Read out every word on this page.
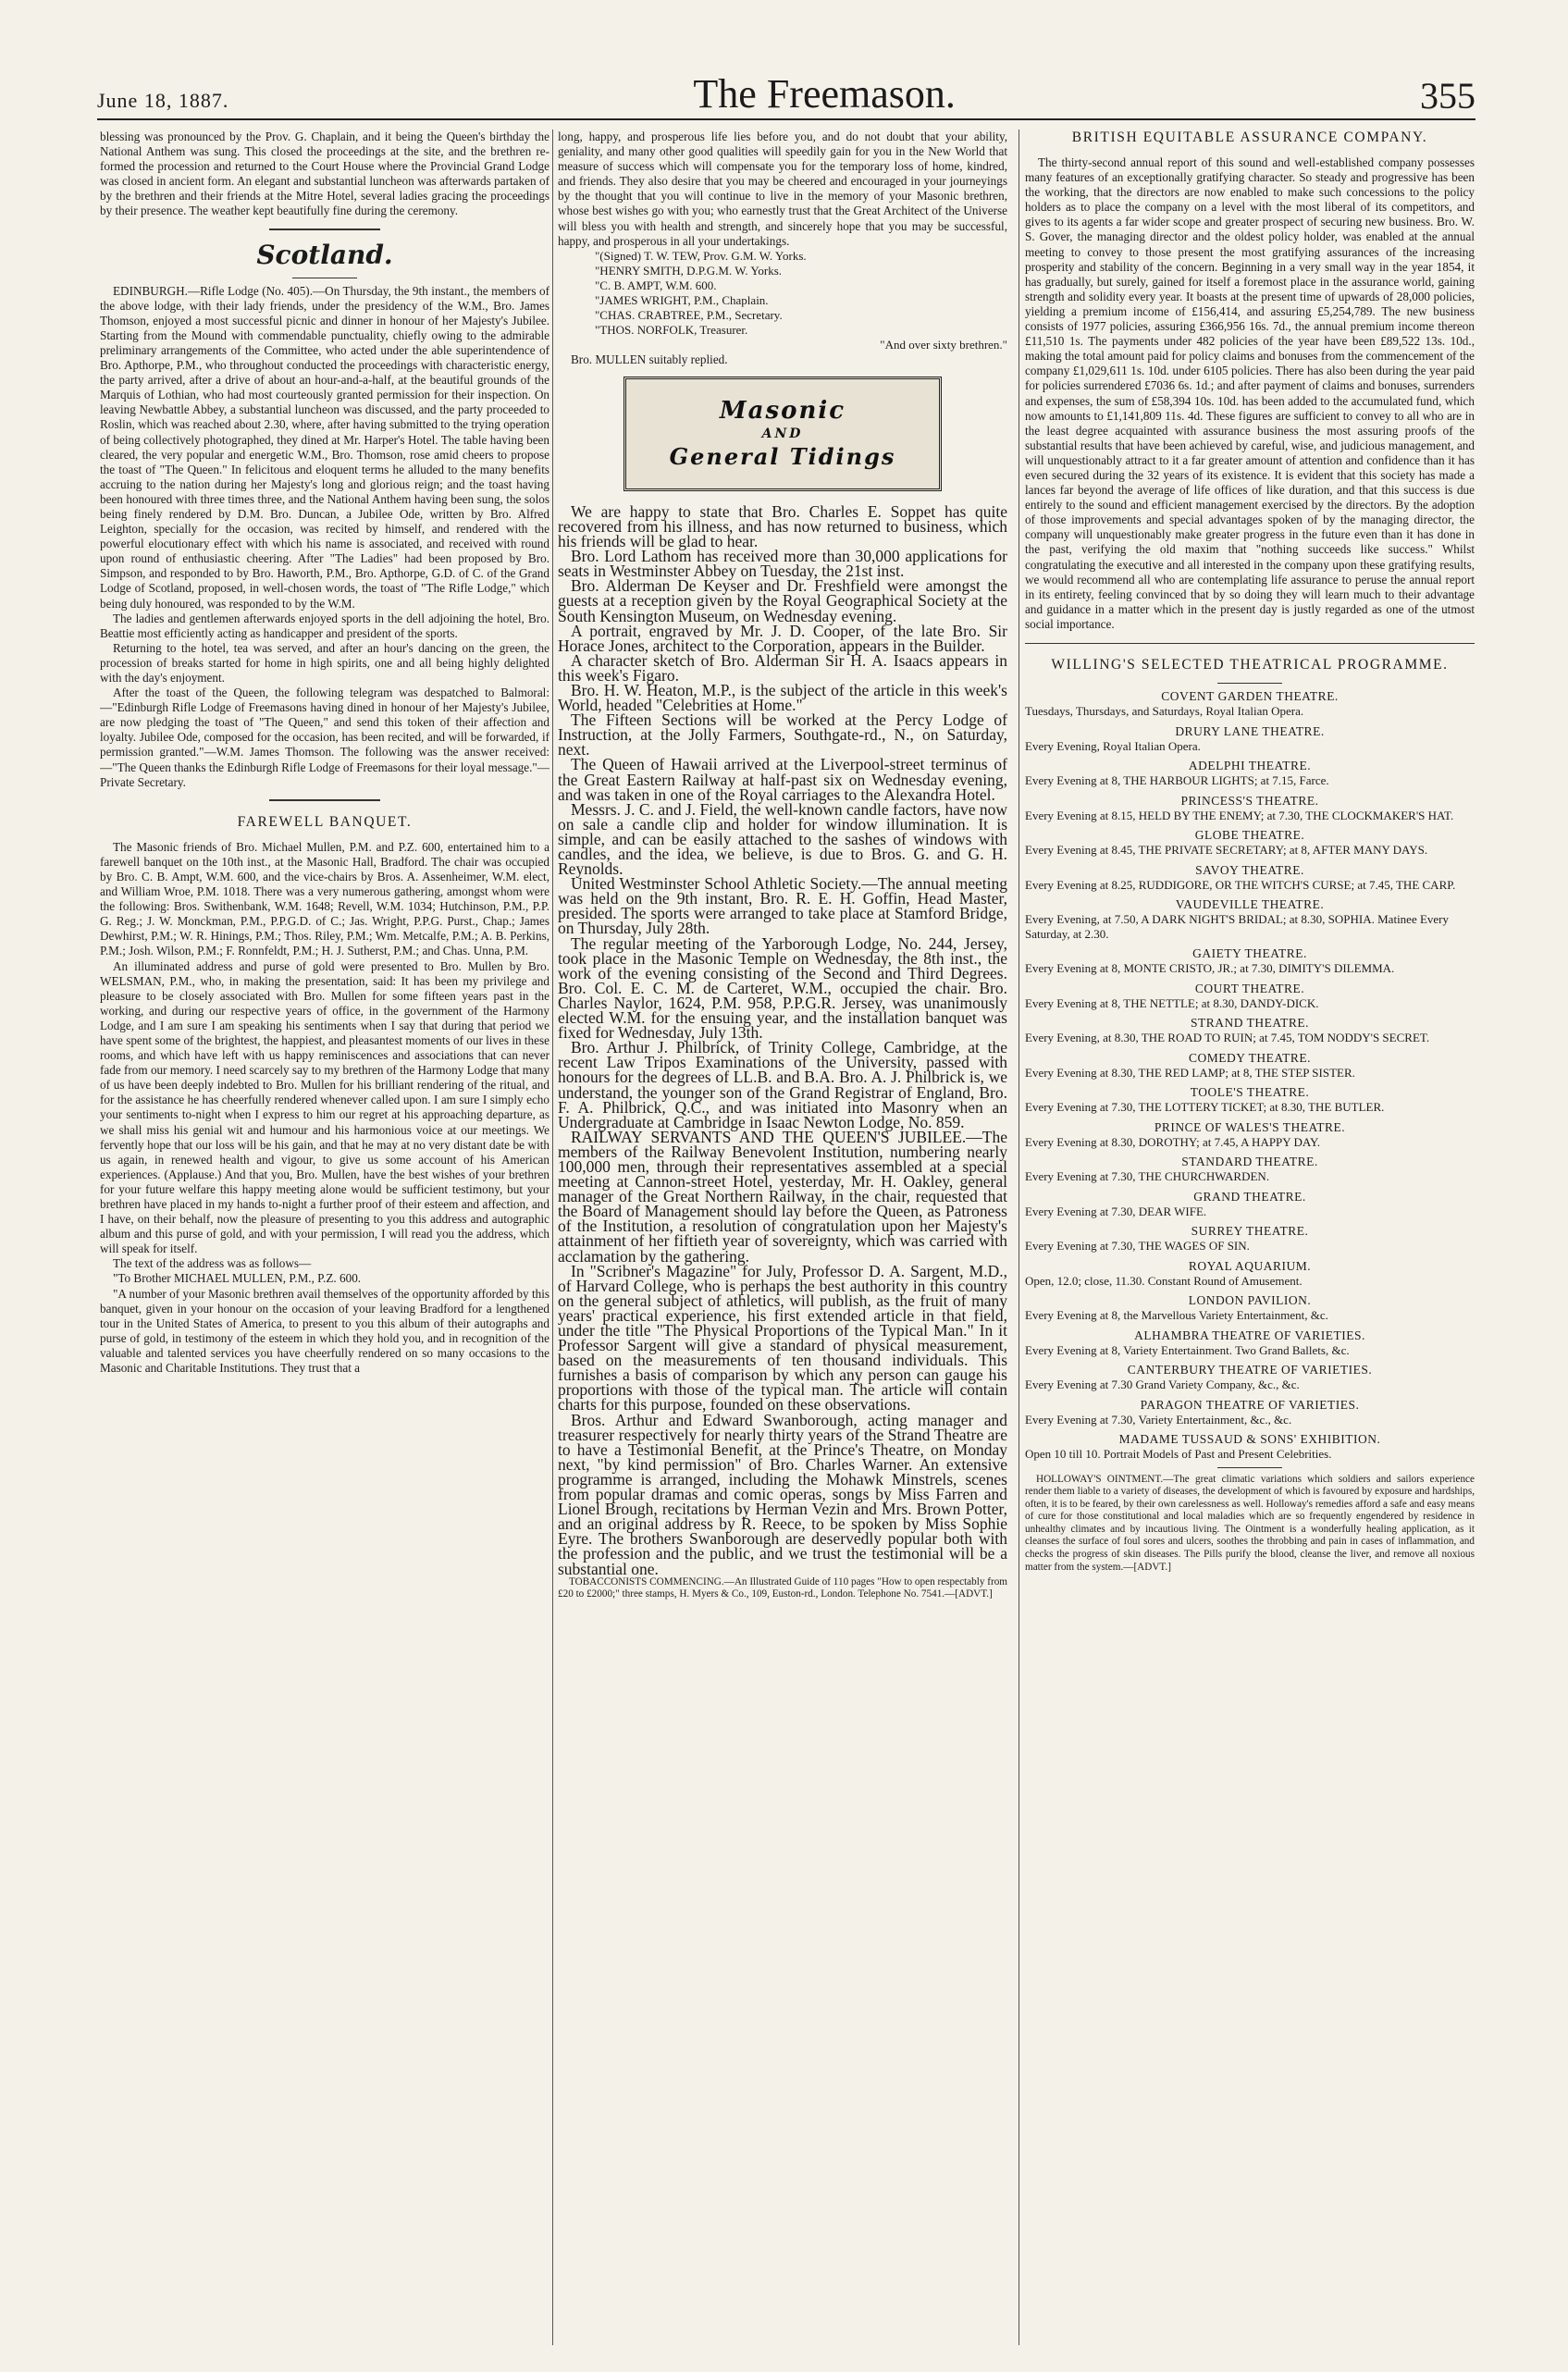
June 18, 1887.	The Freemason.	355

blessing was pronounced by the Prov. G. Chaplain, and it being the Queen's birthday the National Anthem was sung. This closed the proceedings at the site, and the brethren re-formed the procession and returned to the Court House where the Provincial Grand Lodge was closed in ancient form. An elegant and substantial luncheon was afterwards partaken of by the brethren and their friends at the Mitre Hotel, several ladies gracing the proceedings by their presence. The weather kept beautifully fine during the ceremony.

Scotland.

EDINBURGH.—Rifle Lodge (No. 405).—On Thursday, the 9th instant., the members of the above lodge, with their lady friends, under the presidency of the W.M., Bro. James Thomson, enjoyed a most successful picnic and dinner in honour of her Majesty's Jubilee. Starting from the Mound with commendable punctuality, chiefly owing to the admirable preliminary arrangements of the Committee, who acted under the able superintendence of Bro. Apthorpe, P.M., who throughout conducted the proceedings with characteristic energy, the party arrived, after a drive of about an hour-and-a-half, at the beautiful grounds of the Marquis of Lothian, who had most courteously granted permission for their inspection. On leaving Newbattle Abbey, a substantial luncheon was discussed, and the party proceeded to Roslin, which was reached about 2.30, where, after having submitted to the trying operation of being collectively photographed, they dined at Mr. Harper's Hotel. The table having been cleared, the very popular and energetic W.M., Bro. Thomson, rose amid cheers to propose the toast of "The Queen." In felicitous and eloquent terms he alluded to the many benefits accruing to the nation during her Majesty's long and glorious reign; and the toast having been honoured with three times three, and the National Anthem having been sung, the solos being finely rendered by D.M. Bro. Duncan, a Jubilee Ode, written by Bro. Alfred Leighton, specially for the occasion, was recited by himself, and rendered with the powerful elocutionary effect with which his name is associated, and received with round upon round of enthusiastic cheering. After "The Ladies" had been proposed by Bro. Simpson, and responded to by Bro. Haworth, P.M., Bro. Apthorpe, G.D. of C. of the Grand Lodge of Scotland, proposed, in well-chosen words, the toast of "The Rifle Lodge," which being duly honoured, was responded to by the W.M.

The ladies and gentlemen afterwards enjoyed sports in the dell adjoining the hotel, Bro. Beattie most efficiently acting as handicapper and president of the sports.

Returning to the hotel, tea was served, and after an hour's dancing on the green, the procession of breaks started for home in high spirits, one and all being highly delighted with the day's enjoyment.

After the toast of the Queen, the following telegram was despatched to Balmoral:—"Edinburgh Rifle Lodge of Freemasons having dined in honour of her Majesty's Jubilee, are now pledging the toast of "The Queen," and send this token of their affection and loyalty. Jubilee Ode, composed for the occasion, has been recited, and will be forwarded, if permission granted."—W.M. James Thomson. The following was the answer received:—"The Queen thanks the Edinburgh Rifle Lodge of Freemasons for their loyal message."—Private Secretary.

FAREWELL BANQUET.

The Masonic friends of Bro. Michael Mullen, P.M. and P.Z. 600, entertained him to a farewell banquet on the 10th inst., at the Masonic Hall, Bradford. The chair was occupied by Bro. C. B. Ampt, W.M. 600, and the vice-chairs by Bros. A. Assenheimer, W.M. elect, and William Wroe, P.M. 1018. There was a very numerous gathering, amongst whom were the following: Bros. Swithenbank, W.M. 1648; Revell, W.M. 1034; Hutchinson, P.M., P.P. G. Reg.; J. W. Monckman, P.M., P.P.G.D. of C.; Jas. Wright, P.P.G. Purst., Chap.; James Dewhirst, P.M.; W. R. Hinings, P.M.; Thos. Riley, P.M.; Wm. Metcalfe, P.M.; A. B. Perkins, P.M.; Josh. Wilson, P.M.; F. Ronnfeldt, P.M.; H. J. Sutherst, P.M.; and Chas. Unna, P.M.

An illuminated address and purse of gold were presented to Bro. Mullen by Bro. WELSMAN, P.M., who, in making the presentation, said: It has been my privilege and pleasure to be closely associated with Bro. Mullen for some fifteen years past in the working, and during our respective years of office, in the government of the Harmony Lodge, and I am sure I am speaking his sentiments when I say that during that period we have spent some of the brightest, the happiest, and pleasantest moments of our lives in these rooms, and which have left with us happy reminiscences and associations that can never fade from our memory. I need scarcely say to my brethren of the Harmony Lodge that many of us have been deeply indebted to Bro. Mullen for his brilliant rendering of the ritual, and for the assistance he has cheerfully rendered whenever called upon. I am sure I simply echo your sentiments to-night when I express to him our regret at his approaching departure, as we shall miss his genial wit and humour and his harmonious voice at our meetings. We fervently hope that our loss will be his gain, and that he may at no very distant date be with us again, in renewed health and vigour, to give us some account of his American experiences. (Applause.) And that you, Bro. Mullen, have the best wishes of your brethren for your future welfare this happy meeting alone would be sufficient testimony, but your brethren have placed in my hands to-night a further proof of their esteem and affection, and I have, on their behalf, now the pleasure of presenting to you this address and autographic album and this purse of gold, and with your permission, I will read you the address, which will speak for itself.

The text of the address was as follows—

"To Brother MICHAEL MULLEN, P.M., P.Z. 600.

"A number of your Masonic brethren avail themselves of the opportunity afforded by this banquet, given in your honour on the occasion of your leaving Bradford for a lengthened tour in the United States of America, to present to you this album of their autographs and purse of gold, in testimony of the esteem in which they hold you, and in recognition of the valuable and talented services you have cheerfully rendered on so many occasions to the Masonic and Charitable Institutions. They trust that a

long, happy, and prosperous life lies before you, and do not doubt that your ability, geniality, and many other good qualities will speedily gain for you in the New World that measure of success which will compensate you for the temporary loss of home, kindred, and friends. They also desire that you may be cheered and encouraged in your journeyings by the thought that you will continue to live in the memory of your Masonic brethren, whose best wishes go with you; who earnestly trust that the Great Architect of the Universe will bless you with health and strength, and sincerely hope that you may be successful, happy, and prosperous in all your undertakings.

"(Signed) T. W. TEW, Prov. G.M. W. Yorks.
"HENRY SMITH, D.P.G.M. W. Yorks.
"C. B. AMPT, W.M. 600.
"JAMES WRIGHT, P.M., Chaplain.
"CHAS. CRABTREE, P.M., Secretary.
"THOS. NORFOLK, Treasurer.
"And over sixty brethren."

Bro. MULLEN suitably replied.

Masonic
AND
General Tidings

We are happy to state that Bro. Charles E. Soppet has quite recovered from his illness, and has now returned to business, which his friends will be glad to hear.

Bro. Lord Lathom has received more than 30,000 applications for seats in Westminster Abbey on Tuesday, the 21st inst.

Bro. Alderman De Keyser and Dr. Freshfield were amongst the guests at a reception given by the Royal Geographical Society at the South Kensington Museum, on Wednesday evening.

A portrait, engraved by Mr. J. D. Cooper, of the late Bro. Sir Horace Jones, architect to the Corporation, appears in the Builder.

A character sketch of Bro. Alderman Sir H. A. Isaacs appears in this week's Figaro.

Bro. H. W. Heaton, M.P., is the subject of the article in this week's World, headed "Celebrities at Home."

The Fifteen Sections will be worked at the Percy Lodge of Instruction, at the Jolly Farmers, Southgate-rd., N., on Saturday, next.

The Queen of Hawaii arrived at the Liverpool-street terminus of the Great Eastern Railway at half-past six on Wednesday evening, and was taken in one of the Royal carriages to the Alexandra Hotel.

Messrs. J. C. and J. Field, the well-known candle factors, have now on sale a candle clip and holder for window illumination. It is simple, and can be easily attached to the sashes of windows with candles, and the idea, we believe, is due to Bros. G. and G. H. Reynolds.

United Westminster School Athletic Society.—The annual meeting was held on the 9th instant, Bro. R. E. H. Goffin, Head Master, presided. The sports were arranged to take place at Stamford Bridge, on Thursday, July 28th.

The regular meeting of the Yarborough Lodge, No. 244, Jersey, took place in the Masonic Temple on Wednesday, the 8th inst., the work of the evening consisting of the Second and Third Degrees. Bro. Col. E. C. M. de Carteret, W.M., occupied the chair. Bro. Charles Naylor, 1624, P.M. 958, P.P.G.R. Jersey, was unanimously elected W.M. for the ensuing year, and the installation banquet was fixed for Wednesday, July 13th.

Bro. Arthur J. Philbrick, of Trinity College, Cambridge, at the recent Law Tripos Examinations of the University, passed with honours for the degrees of LL.B. and B.A. Bro. A. J. Philbrick is, we understand, the younger son of the Grand Registrar of England, Bro. F. A. Philbrick, Q.C., and was initiated into Masonry when an Undergraduate at Cambridge in Isaac Newton Lodge, No. 859.

RAILWAY SERVANTS AND THE QUEEN'S JUBILEE.—The members of the Railway Benevolent Institution, numbering nearly 100,000 men, through their representatives assembled at a special meeting at Cannon-street Hotel, yesterday, Mr. H. Oakley, general manager of the Great Northern Railway, in the chair, requested that the Board of Management should lay before the Queen, as Patroness of the Institution, a resolution of congratulation upon her Majesty's attainment of her fiftieth year of sovereignty, which was carried with acclamation by the gathering.

In "Scribner's Magazine" for July, Professor D. A. Sargent, M.D., of Harvard College, who is perhaps the best authority in this country on the general subject of athletics, will publish, as the fruit of many years' practical experience, his first extended article in that field, under the title "The Physical Proportions of the Typical Man." In it Professor Sargent will give a standard of physical measurement, based on the measurements of ten thousand individuals. This furnishes a basis of comparison by which any person can gauge his proportions with those of the typical man. The article will contain charts for this purpose, founded on these observations.

Bros. Arthur and Edward Swanborough, acting manager and treasurer respectively for nearly thirty years of the Strand Theatre are to have a Testimonial Benefit, at the Prince's Theatre, on Monday next, "by kind permission" of Bro. Charles Warner. An extensive programme is arranged, including the Mohawk Minstrels, scenes from popular dramas and comic operas, songs by Miss Farren and Lionel Brough, recitations by Herman Vezin and Mrs. Brown Potter, and an original address by R. Reece, to be spoken by Miss Sophie Eyre. The brothers Swanborough are deservedly popular both with the profession and the public, and we trust the testimonial will be a substantial one.

TOBACCONISTS COMMENCING.—An Illustrated Guide of 110 pages "How to open respectably from £20 to £2000;" three stamps, H. Myers & Co., 109, Euston-rd., London. Telephone No. 7541.—[ADVT.]

BRITISH EQUITABLE ASSURANCE COMPANY.

The thirty-second annual report of this sound and well-established company possesses many features of an exceptionally gratifying character. So steady and progressive has been the working, that the directors are now enabled to make such concessions to the policy holders as to place the company on a level with the most liberal of its competitors, and gives to its agents a far wider scope and greater prospect of securing new business. Bro. W. S. Gover, the managing director and the oldest policy holder, was enabled at the annual meeting to convey to those present the most gratifying assurances of the increasing prosperity and stability of the concern. Beginning in a very small way in the year 1854, it has gradually, but surely, gained for itself a foremost place in the assurance world, gaining strength and solidity every year. It boasts at the present time of upwards of 28,000 policies, yielding a premium income of £156,414, and assuring £5,254,789. The new business consists of 1977 policies, assuring £366,956 16s. 7d., the annual premium income thereon £11,510 1s. The payments under 482 policies of the year have been £89,522 13s. 10d., making the total amount paid for policy claims and bonuses from the commencement of the company £1,029,611 1s. 10d. under 6105 policies. There has also been during the year paid for policies surrendered £7036 6s. 1d.; and after payment of claims and bonuses, surrenders and expenses, the sum of £58,394 10s. 10d. has been added to the accumulated fund, which now amounts to £1,141,809 11s. 4d. These figures are sufficient to convey to all who are in the least degree acquainted with assurance business the most assuring proofs of the substantial results that have been achieved by careful, wise, and judicious management, and will unquestionably attract to it a far greater amount of attention and confidence than it has even secured during the 32 years of its existence. It is evident that this society has made a lances far beyond the average of life offices of like duration, and that this success is due entirely to the sound and efficient management exercised by the directors. By the adoption of those improvements and special advantages spoken of by the managing director, the company will unquestionably make greater progress in the future even than it has done in the past, verifying the old maxim that "nothing succeeds like success." Whilst congratulating the executive and all interested in the company upon these gratifying results, we would recommend all who are contemplating life assurance to peruse the annual report in its entirety, feeling convinced that by so doing they will learn much to their advantage and guidance in a matter which in the present day is justly regarded as one of the utmost social importance.

WILLING'S SELECTED THEATRICAL PROGRAMME.
COVENT GARDEN THEATRE.
Tuesdays, Thursdays, and Saturdays, Royal Italian Opera.
DRURY LANE THEATRE.
Every Evening, Royal Italian Opera.
ADELPHI THEATRE.
Every Evening at 8, THE HARBOUR LIGHTS; at 7.15, Farce.
PRINCESS'S THEATRE.
Every Evening at 8.15, HELD BY THE ENEMY; at 7.30, THE CLOCKMAKER'S HAT.
GLOBE THEATRE.
Every Evening at 8.45, THE PRIVATE SECRETARY; at 8, AFTER MANY DAYS.
SAVOY THEATRE.
Every Evening at 8.25, RUDDIGORE, OR THE WITCH'S CURSE; at 7.45, THE CARP.
VAUDEVILLE THEATRE.
Every Evening, at 7.50, A DARK NIGHT'S BRIDAL; at 8.30, SOPHIA. Matinee Every Saturday, at 2.30.
GAIETY THEATRE.
Every Evening at 8, MONTE CRISTO, JR.; at 7.30, DIMITY'S DILEMMA.
COURT THEATRE.
Every Evening at 8, THE NETTLE; at 8.30, DANDY-DICK.
STRAND THEATRE.
Every Evening, at 8.30, THE ROAD TO RUIN; at 7.45, TOM NODDY'S SECRET.
COMEDY THEATRE.
Every Evening at 8.30, THE RED LAMP; at 8, THE STEP SISTER.
TOOLE'S THEATRE.
Every Evening at 7.30, THE LOTTERY TICKET; at 8.30, THE BUTLER.
PRINCE OF WALES'S THEATRE.
Every Evening at 8.30, DOROTHY; at 7.45, A HAPPY DAY.
STANDARD THEATRE.
Every Evening at 7.30, THE CHURCHWARDEN.
GRAND THEATRE.
Every Evening at 7.30, DEAR WIFE.
SURREY THEATRE.
Every Evening at 7.30, THE WAGES OF SIN.
ROYAL AQUARIUM.
Open, 12.0; close, 11.30. Constant Round of Amusement.
LONDON PAVILION.
Every Evening at 8, the Marvellous Variety Entertainment, &c.
ALHAMBRA THEATRE OF VARIETIES.
Every Evening at 8, Variety Entertainment. Two Grand Ballets, &c.
CANTERBURY THEATRE OF VARIETIES.
Every Evening at 7.30 Grand Variety Company, &c., &c.
PARAGON THEATRE OF VARIETIES.
Every Evening at 7.30, Variety Entertainment, &c., &c.
MADAME TUSSAUD & SONS' EXHIBITION.
Open 10 till 10. Portrait Models of Past and Present Celebrities.

HOLLOWAY'S OINTMENT.—The great climatic variations which soldiers and sailors experience render them liable to a variety of diseases, the development of which is favoured by exposure and hardships, often, it is to be feared, by their own carelessness as well. Holloway's remedies afford a safe and easy means of cure for those constitutional and local maladies which are so frequently engendered by residence in unhealthy climates and by incautious living. The Ointment is a wonderfully healing application, as it cleanses the surface of foul sores and ulcers, soothes the throbbing and pain in cases of inflammation, and checks the progress of skin diseases. The Pills purify the blood, cleanse the liver, and remove all noxious matter from the system.—[ADVT.]
